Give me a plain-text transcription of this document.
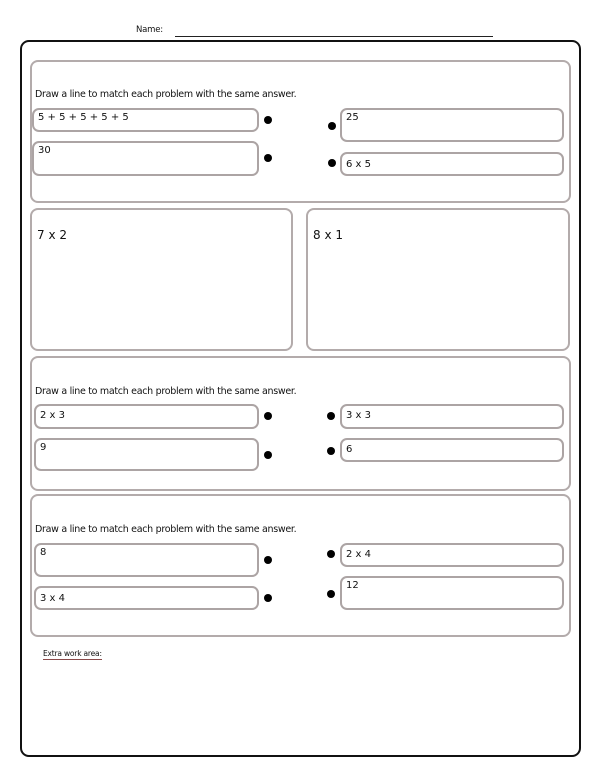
Name:
Draw a line to match each problem with the same answer.
5 + 5 + 5 + 5 + 5
30
25
6 x 5
7 x 2	8 x 1
Draw a line to match each problem with the same answer.
2 x 3
9
3 x 3
6
Draw a line to match each problem with the same answer.
8
3 x 4
2 x 4
12
Extra work area:
